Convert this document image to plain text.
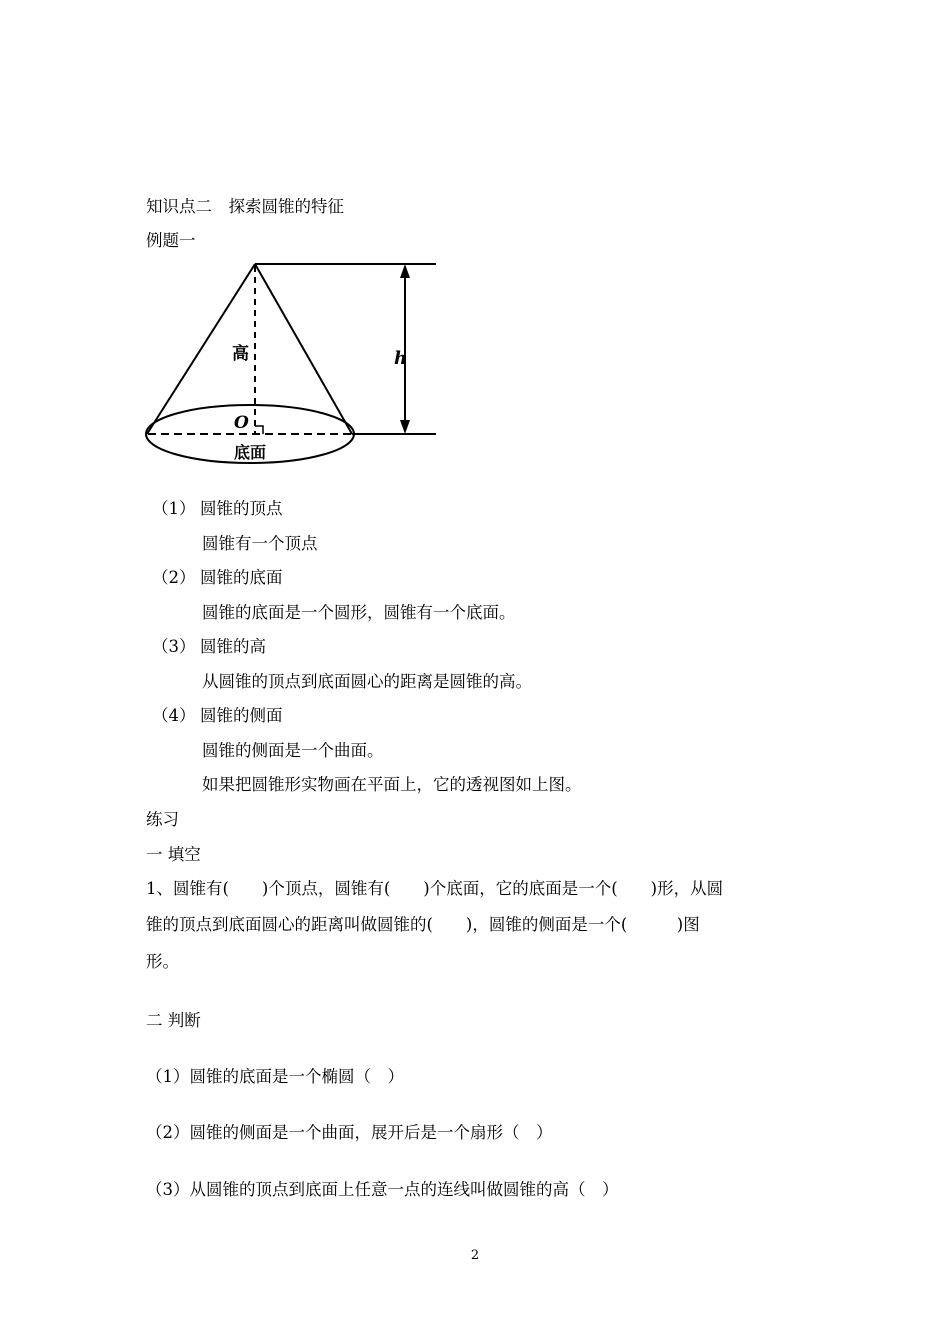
知识点二　探索圆锥的特征
例题一
高	h
O
底面
（1） 圆锥的顶点
圆锥有一个顶点
（2） 圆锥的底面
圆锥的底面是一个圆形，圆锥有一个底面。
（3） 圆锥的高
从圆锥的顶点到底面圆心的距离是圆锥的高。
（4） 圆锥的侧面
圆锥的侧面是一个曲面。
如果把圆锥形实物画在平面上，它的透视图如上图。
练习
一 填空
1、圆锥有(　　)个顶点，圆锥有(　　)个底面，它的底面是一个(　　)形，从圆
锥的顶点到底面圆心的距离叫做圆锥的(　　)，圆锥的侧面是一个(　　　)图
形。
二 判断
（1）圆锥的底面是一个椭圆（　）
（2）圆锥的侧面是一个曲面，展开后是一个扇形（　）
（3）从圆锥的顶点到底面上任意一点的连线叫做圆锥的高（　）
2
